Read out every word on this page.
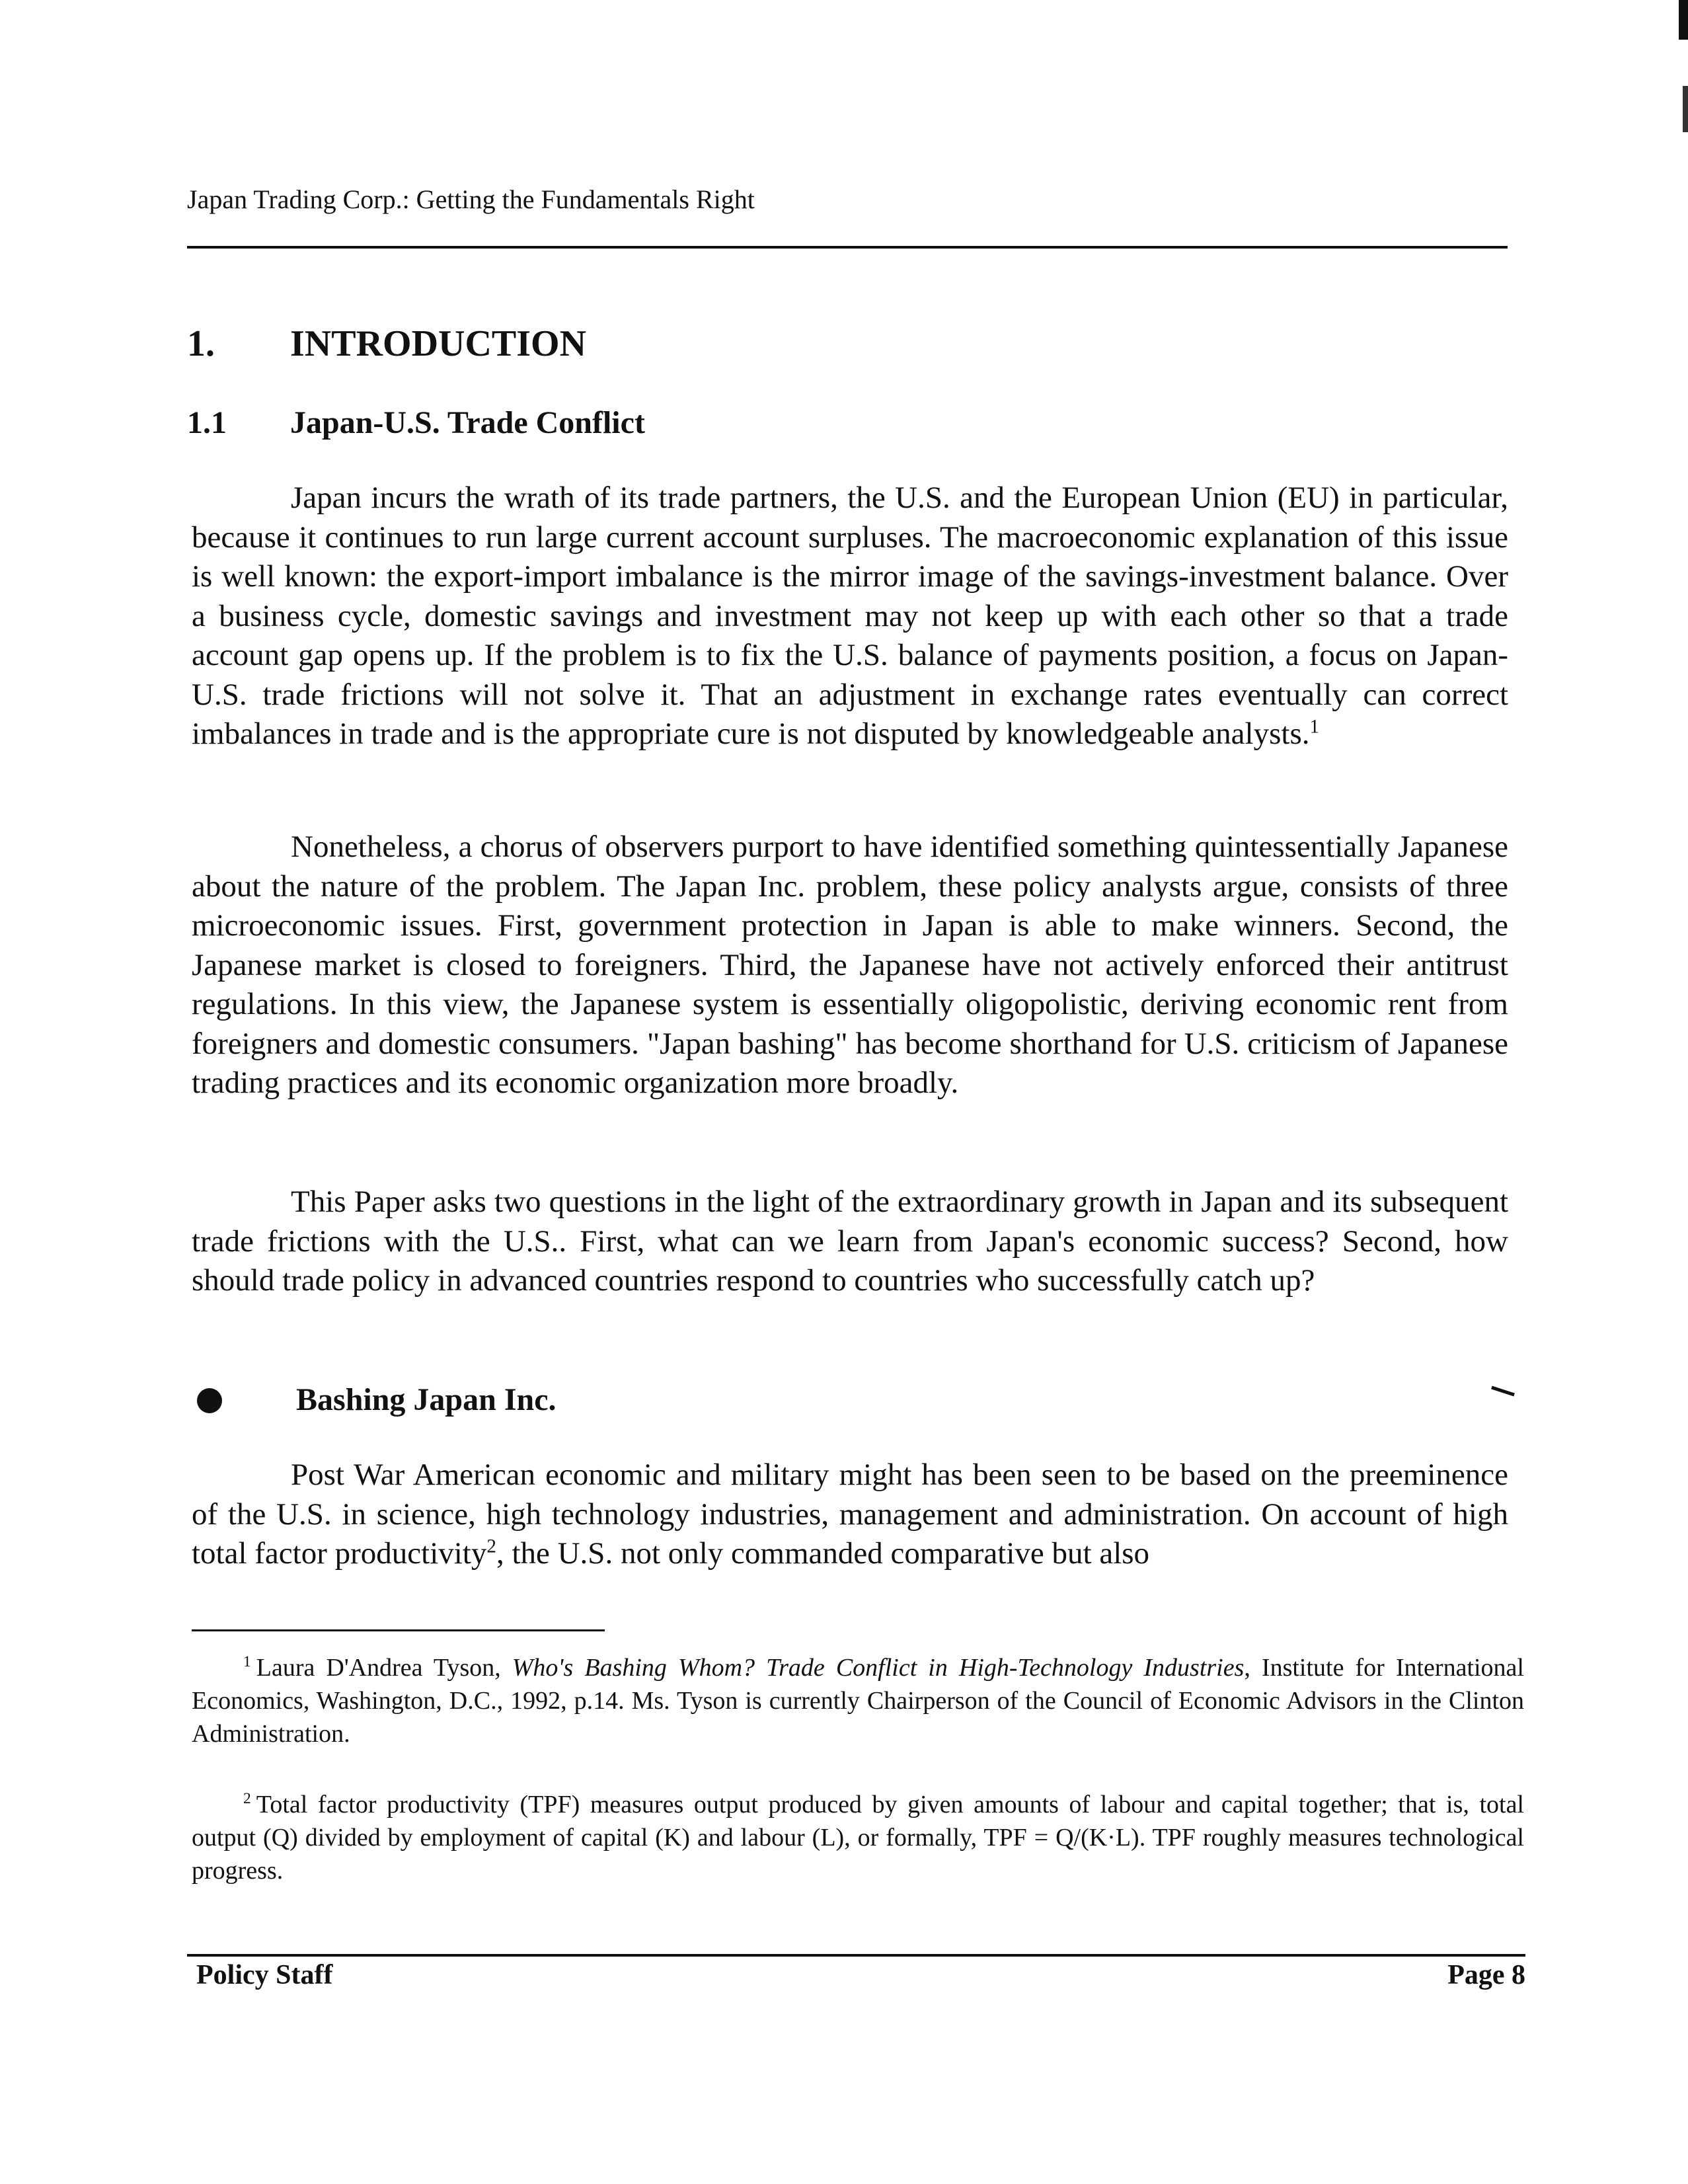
Japan Trading Corp.: Getting the Fundamentals Right
1. INTRODUCTION
1.1 Japan-U.S. Trade Conflict

Japan incurs the wrath of its trade partners, the U.S. and the European Union (EU) in particular, because it continues to run large current account surpluses. The macroeconomic explanation of this issue is well known: the export-import imbalance is the mirror image of the savings-investment balance. Over a business cycle, domestic savings and investment may not keep up with each other so that a trade account gap opens up. If the problem is to fix the U.S. balance of payments position, a focus on Japan-U.S. trade frictions will not solve it. That an adjustment in exchange rates eventually can correct imbalances in trade and is the appropriate cure is not disputed by knowledgeable analysts.$^1$

Nonetheless, a chorus of observers purport to have identified something quintessentially Japanese about the nature of the problem. The Japan Inc. problem, these policy analysts argue, consists of three microeconomic issues. First, government protection in Japan is able to make winners. Second, the Japanese market is closed to foreigners. Third, the Japanese have not actively enforced their antitrust regulations. In this view, the Japanese system is essentially oligopolistic, deriving economic rent from foreigners and domestic consumers. "Japan bashing" has become shorthand for U.S. criticism of Japanese trading practices and its economic organization more broadly.

This Paper asks two questions in the light of the extraordinary growth in Japan and its subsequent trade frictions with the U.S.. First, what can we learn from Japan's economic success? Second, how should trade policy in advanced countries respond to countries who successfully catch up?

Bashing Japan Inc.

Post War American economic and military might has been seen to be based on the preeminence of the U.S. in science, high technology industries, management and administration. On account of high total factor productivity$^2$, the U.S. not only commanded comparative but also

$^1$ Laura D'Andrea Tyson, Who's Bashing Whom? Trade Conflict in High-Technology Industries, Institute for International Economics, Washington, D.C., 1992, p.14. Ms. Tyson is currently Chairperson of the Council of Economic Advisors in the Clinton Administration.

$^2$ Total factor productivity (TPF) measures output produced by given amounts of labour and capital together; that is, total output (Q) divided by employment of capital (K) and labour (L), or formally, TPF = Q/(K·L). TPF roughly measures technological progress.

Policy Staff	Page 8
